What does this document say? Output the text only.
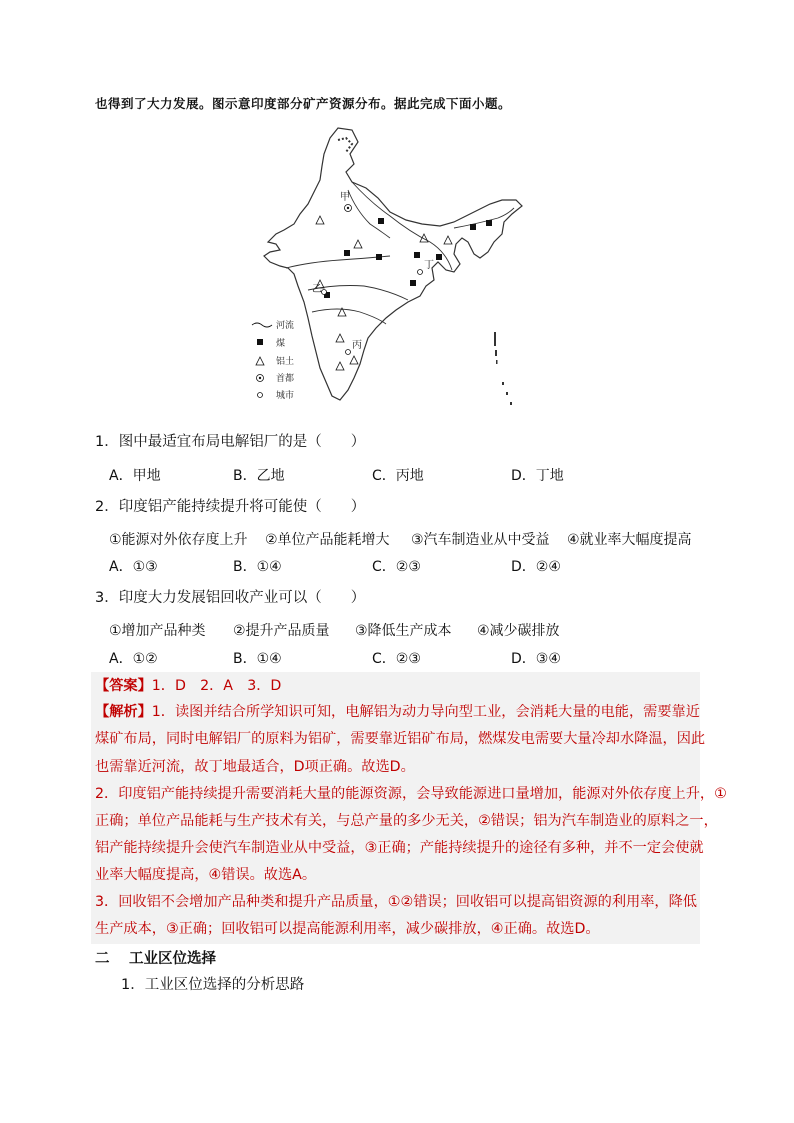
也得到了大力发展。图示意印度部分矿产资源分布。据此完成下面小题。
甲
乙
丙
丁
河流
煤
铝土
首都
城市
1．图中最适宜布局电解铝厂的是（　　）
A．甲地	B．乙地	C．丙地	D．丁地
2．印度铝产能持续提升将可能使（　　）
①能源对外依存度上升 ②单位产品能耗增大 ③汽车制造业从中受益 ④就业率大幅度提高
A．①③	B．①④	C．②③	D．②④
3．印度大力发展铝回收产业可以（　　）
①增加产品种类 ②提升产品质量 ③降低生产成本 ④减少碳排放
A．①②	B．①④	C．②③	D．③④
【答案】1．D　2．A　3．D
【解析】1．读图并结合所学知识可知，电解铝为动力导向型工业，会消耗大量的电能，需要靠近
煤矿布局，同时电解铝厂的原料为铝矿，需要靠近铝矿布局，燃煤发电需要大量冷却水降温，因此
也需靠近河流，故丁地最适合，D项正确。故选D。
2．印度铝产能持续提升需要消耗大量的能源资源，会导致能源进口量增加，能源对外依存度上升，①
正确；单位产品能耗与生产技术有关，与总产量的多少无关，②错误；铝为汽车制造业的原料之一，
铝产能持续提升会使汽车制造业从中受益，③正确；产能持续提升的途径有多种，并不一定会使就
业率大幅度提高，④错误。故选A。
3．回收铝不会增加产品种类和提升产品质量，①②错误；回收铝可以提高铝资源的利用率，降低
生产成本，③正确；回收铝可以提高能源利用率，减少碳排放，④正确。故选D。
二　 工业区位选择
1．工业区位选择的分析思路
